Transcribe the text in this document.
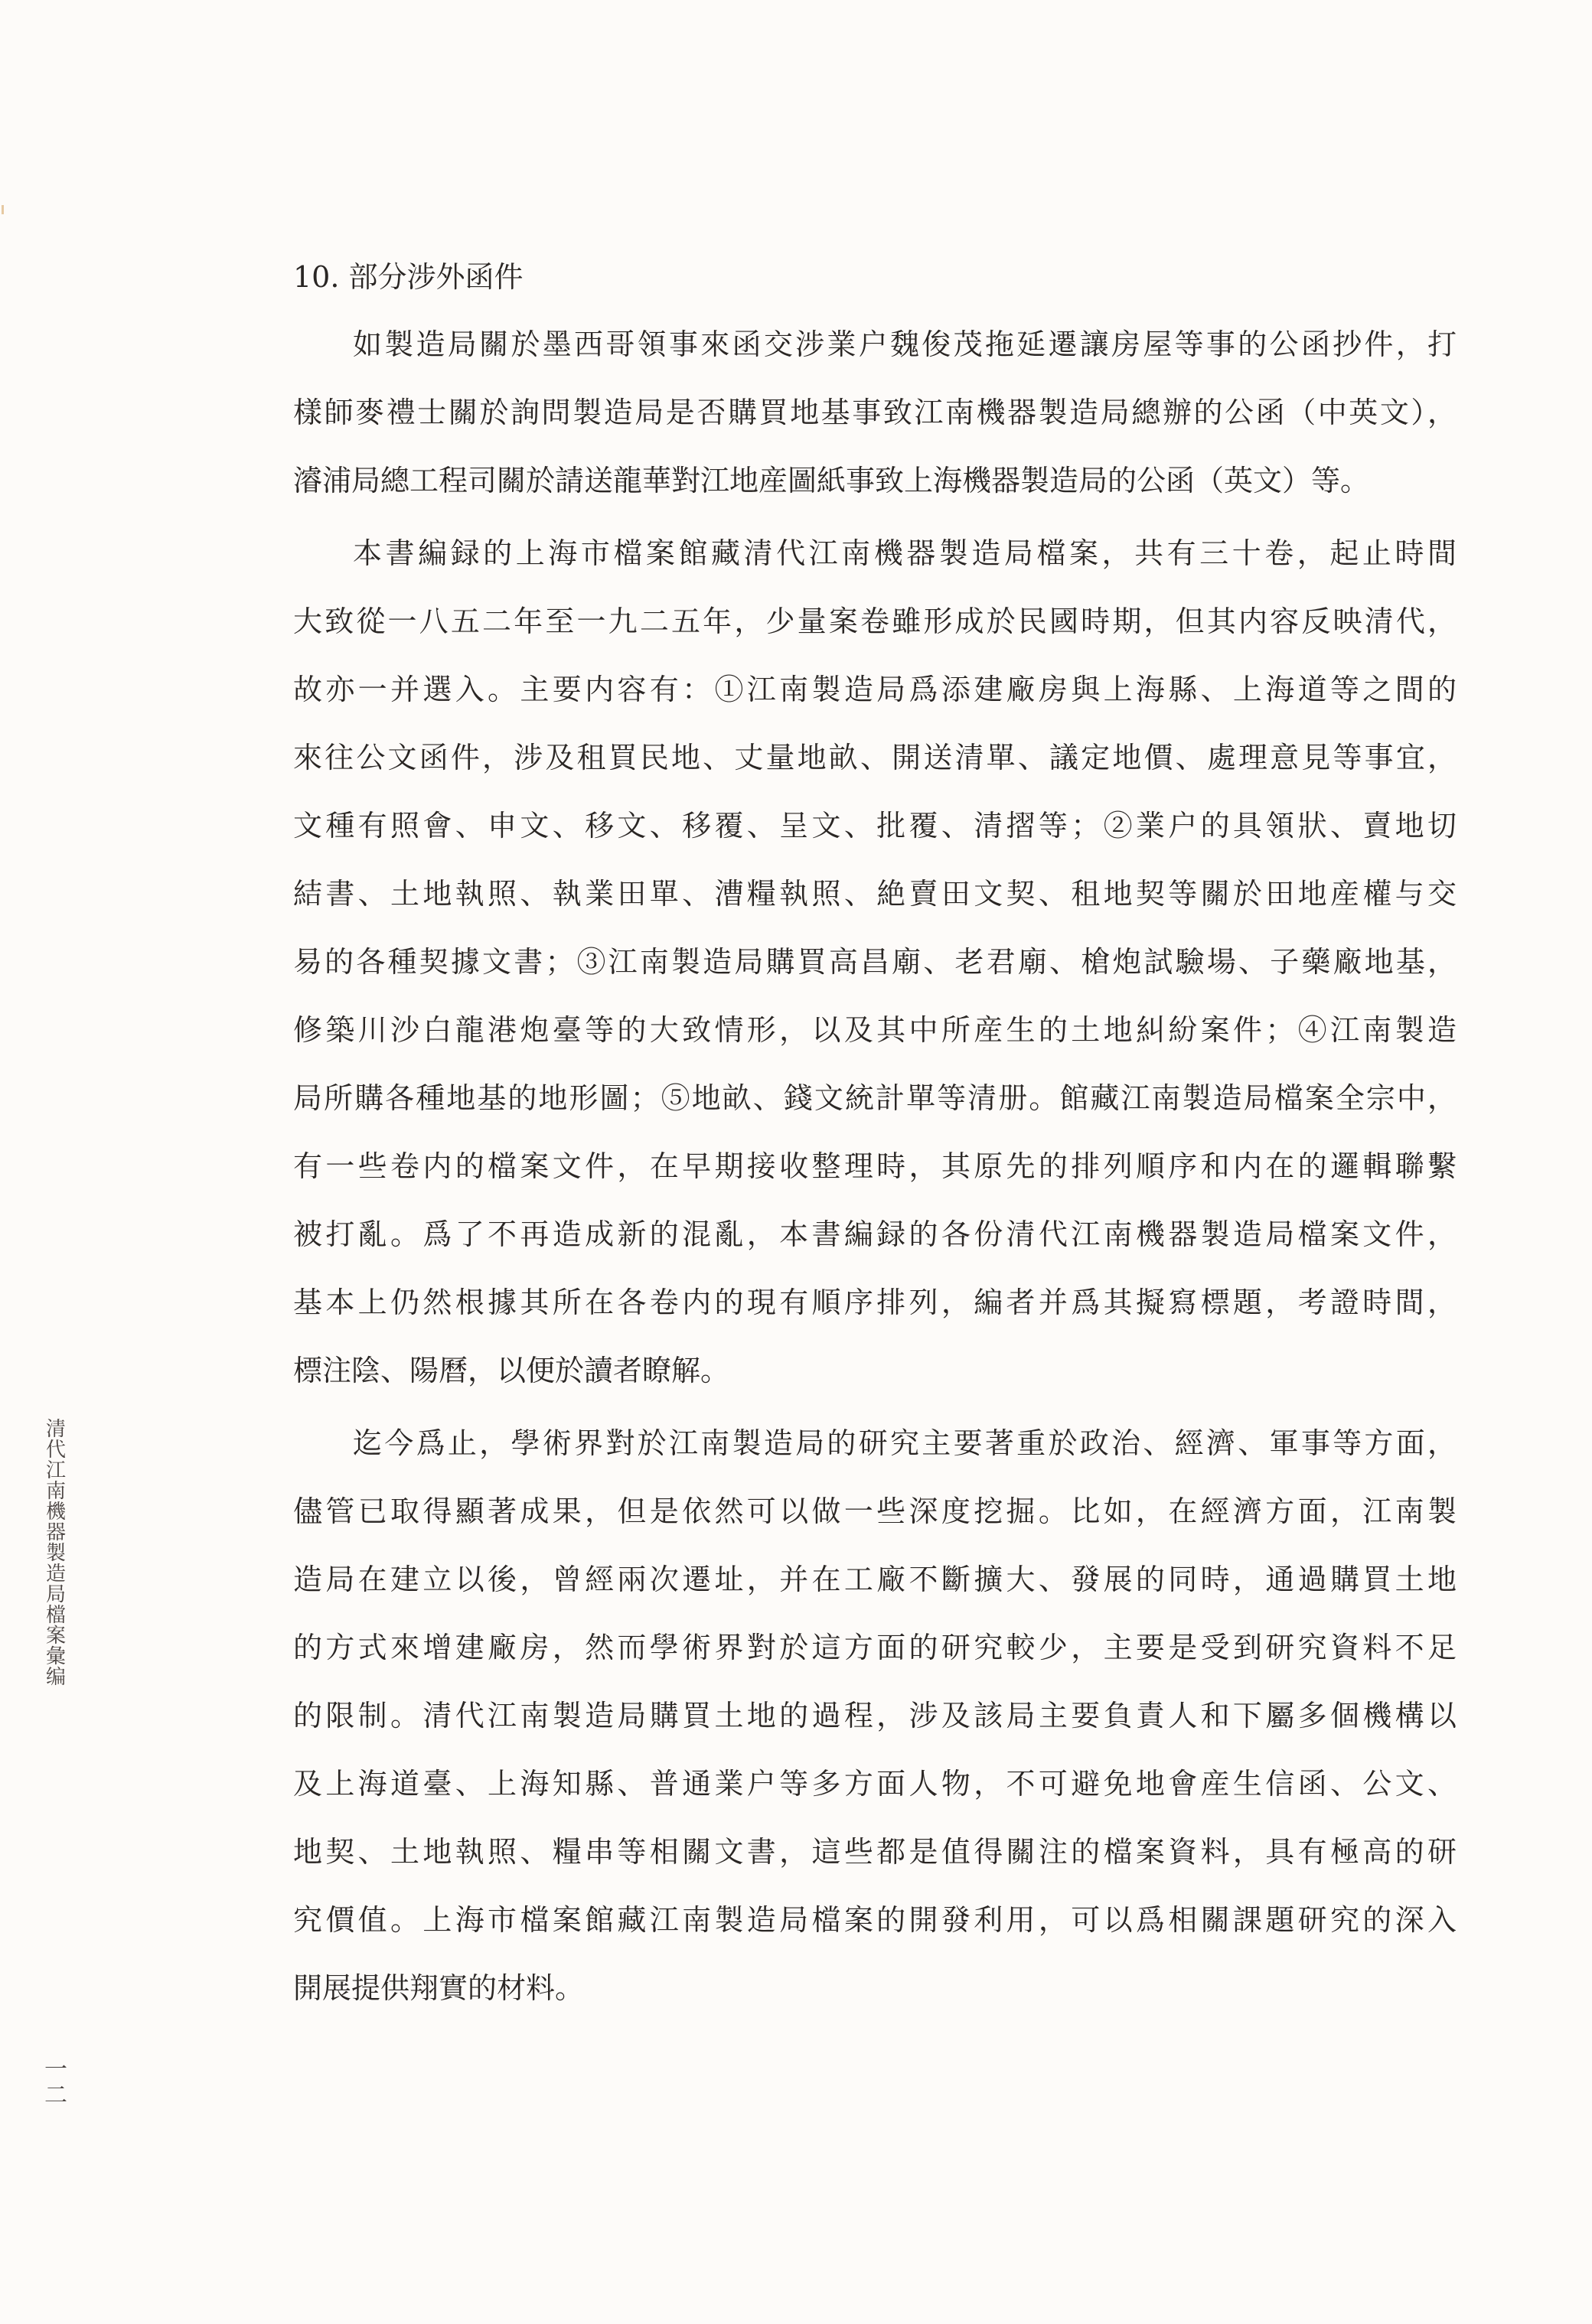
10. 部分涉外函件

如製造局關於墨西哥領事來函交涉業户魏俊茂拖延遷讓房屋等事的公函抄件，打

樣師麥禮士關於詢問製造局是否購買地基事致江南機器製造局總辦的公函（中英文），

濬浦局總工程司關於請送龍華對江地産圖紙事致上海機器製造局的公函（英文）等。

本書編録的上海市檔案館藏清代江南機器製造局檔案，共有三十卷，起止時間

大致從一八五二年至一九二五年，少量案卷雖形成於民國時期，但其内容反映清代，

故亦一并選入。主要内容有：①江南製造局爲添建廠房與上海縣、上海道等之間的

來往公文函件，涉及租買民地、丈量地畝、開送清單、議定地價、處理意見等事宜，

文種有照會、申文、移文、移覆、呈文、批覆、清摺等；②業户的具領狀、賣地切

結書、土地執照、執業田單、漕糧執照、絶賣田文契、租地契等關於田地産權与交

易的各種契據文書；③江南製造局購買高昌廟、老君廟、槍炮試驗場、子藥廠地基，

修築川沙白龍港炮臺等的大致情形，以及其中所産生的土地糾紛案件；④江南製造

局所購各種地基的地形圖；⑤地畝、錢文統計單等清册。館藏江南製造局檔案全宗中，

有一些卷内的檔案文件，在早期接收整理時，其原先的排列順序和内在的邏輯聯繫

被打亂。爲了不再造成新的混亂，本書編録的各份清代江南機器製造局檔案文件，

基本上仍然根據其所在各卷内的現有順序排列，編者并爲其擬寫標題，考證時間，

標注陰、陽曆，以便於讀者瞭解。

迄今爲止，學術界對於江南製造局的研究主要著重於政治、經濟、軍事等方面，

儘管已取得顯著成果，但是依然可以做一些深度挖掘。比如，在經濟方面，江南製

造局在建立以後，曾經兩次遷址，并在工廠不斷擴大、發展的同時，通過購買土地

的方式來增建廠房，然而學術界對於這方面的研究較少，主要是受到研究資料不足

的限制。清代江南製造局購買土地的過程，涉及該局主要負責人和下屬多個機構以

及上海道臺、上海知縣、普通業户等多方面人物，不可避免地會産生信函、公文、

地契、土地執照、糧串等相關文書，這些都是值得關注的檔案資料，具有極高的研

究價值。上海市檔案館藏江南製造局檔案的開發利用，可以爲相關課題研究的深入

開展提供翔實的材料。

清
代
江
南
機
器
製
造
局
檔
案
彙
编
一
二
